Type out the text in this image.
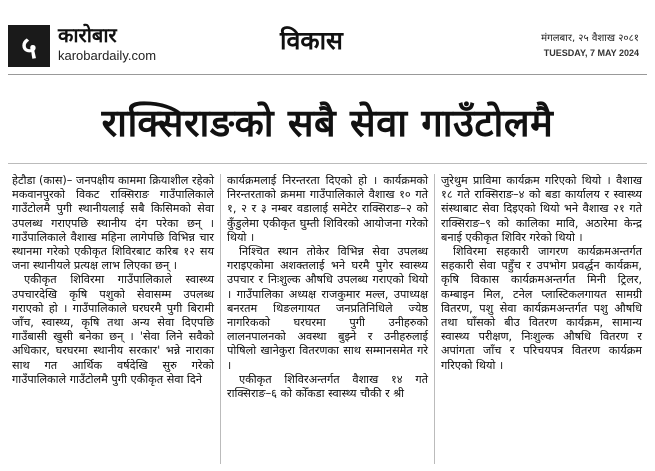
५	कारोबार
karobardaily.com
विकास	मंगलबार, २५ वैशाख २०८१
TUESDAY, 7 MAY 2024
राक्सिराङको सबै सेवा गाउँटोलमै

हेटौडा (कास)– जनपक्षीय काममा क्रियाशील रहेको मकवानपुरको विकट राक्सिराङ गाउँपालिकाले गाउँटोलमै पुगी स्थानीयलाई सबै किसिमको सेवा उपलब्ध गराएपछि स्थानीय दंग परेका छन् । गाउँपालिकाले वैशाख महिना लागेपछि विभिन्न चार स्थानमा गरेको एकीकृत शिविरबाट करिब १२ सय जना स्थानीयले प्रत्यक्ष लाभ लिएका छन् ।

एकीकृत शिविरमा गाउँपालिकाले स्वास्थ्य उपचारदेखि कृषि पशुको सेवासम्म उपलब्ध गराएको हो । गाउँपालिकाले घरघरमै पुगी बिरामी जाँच, स्वास्थ्य, कृषि तथा अन्य सेवा दिएपछि गाउँबासी खुसी बनेका छन् । 'सेवा लिने सवैको अधिकार, घरघरमा स्थानीय सरकार' भन्ने नाराका साथ गत आर्थिक वर्षदेखि सुरु गरेको गाउँपालिकाले गाउँटोलमै पुगी एकीकृत सेवा दिने

कार्यक्रमलाई निरन्तरता दिएको हो । कार्यक्रमको निरन्तरताको क्रममा गाउँपालिकाले वैशाख १० गते १, २ र ३ नम्बर वडालाई समेटेर राक्सिराङ–२ को कुँडुलेमा एकीकृत घुम्ती शिविरको आयोजना गरेको थियो ।

निश्चित स्थान तोकेर विभिन्न सेवा उपलब्ध गराइएकोमा अशक्तलाई भने घरमै पुगेर स्वास्थ्य उपचार र निःशुल्क औषधि उपलब्ध गराएको थियो । गाउँपालिका अध्यक्ष राजकुमार मल्ल, उपाध्यक्ष बनरतम थिङलगायत जनप्रतिनिधिले ज्येष्ठ नागरिकको घरघरमा पुगी उनीहरुको लालनपालनको अवस्था बुझ्ने र उनीहरुलाई पोषिलो खानेकुरा वितरणका साथ सम्मानसमेत गरे ।

एकीकृत शिविरअन्तर्गत वैशाख १४ गते राक्सिराङ–६ को कोँकडा स्वास्थ्य चौकी र श्री

जुरेथुम प्राविमा कार्यक्रम गरिएको थियो । वैशाख १८ गते राक्सिराङ–४ को बडा कार्यालय र स्वास्थ्य संस्थाबाट सेवा दिइएको थियो भने वैशाख २१ गते राक्सिराङ–९ को कालिका मावि, अठारेमा केन्द्र बनाई एकीकृत शिविर गरेको थियो ।

शिविरमा सहकारी जागरण कार्यक्रमअन्तर्गत सहकारी सेवा पहुँच र उपभोग प्रवर्द्धन कार्यक्रम, कृषि विकास कार्यक्रमअन्तर्गत मिनी ट्रिलर, कम्बाइन मिल, टनेल प्लास्टिकलगायत सामग्री वितरण, पशु सेवा कार्यक्रमअन्तर्गत पशु औषधि तथा घाँसको बीउ वितरण कार्यक्रम, सामान्य स्वास्थ्य परीक्षण, निःशुल्क औषधि वितरण र अपांगता जाँच र परिचयपत्र वितरण कार्यक्रम गरिएको थियो ।
